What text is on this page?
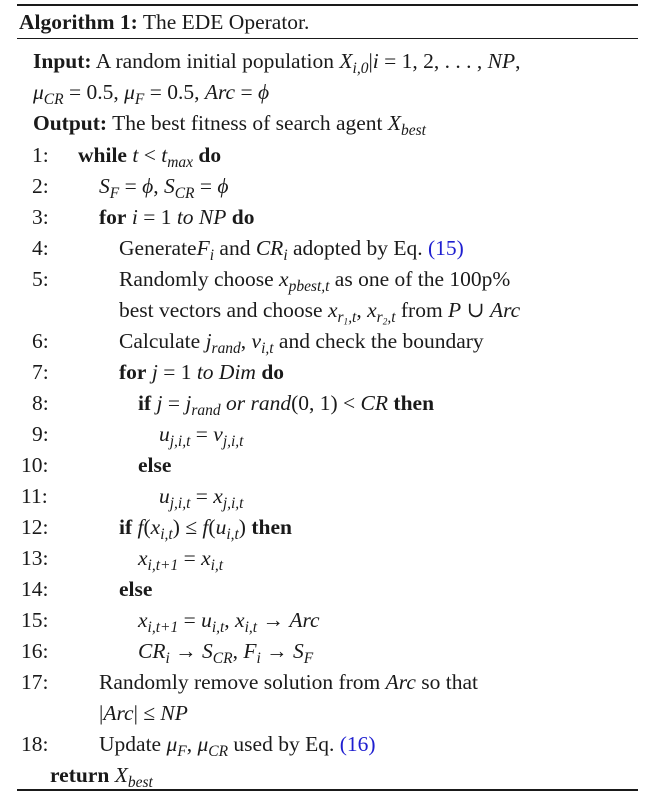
Algorithm 1: The EDE Operator.
Input: A random initial population $X_{i,0}|i = 1$, 2, . . . , NP,
$\mu_{CR} = 0.5$, $\mu_F = 0.5$, Arc = ϕ
Output: The best fitness of search agent $X_{best}$
1:
2:
3:
4:
5:
6:
7:
8:
9:
10:
11:
12:
13:
14:
15:
16:
17:
18:
while $t < t_{max}$ do
$S_F = \phi$, $S_{CR} = \phi$
for i = 1 to NP do
GenerateF$_i$ and $CR_i$ adopted by Eq. (15)
Randomly choose $x_{pbest,t}$ as one of the 100p%
best vectors and choose $x_{r1,t}$, $x_{r2,t}$ from P ∪ Arc
Calculate $j_{rand}$, $v_{i,t}$ and check the boundary
for j = 1 to Dim do
if $j = j_{rand}$ or rand(0, 1) < CR then
$u_{j,i,t} = v_{j,i,t}$
else
$u_{j,i,t} = x_{j,i,t}$
if $f(x_{i,t}) \le f(u_{i,t})$ then
$x_{i,t+1} = x_{i,t}$
else
$x_{i,t+1} = u_{i,t}$, $x_{i,t}$ → Arc
$CR_i \to S_{CR}$, $F_i \to S_F$
Randomly remove solution from Arc so that
|Arc| ≤ NP
Update $\mu_F$, $\mu_{CR}$ used by Eq. (16)
return $X_{best}$
